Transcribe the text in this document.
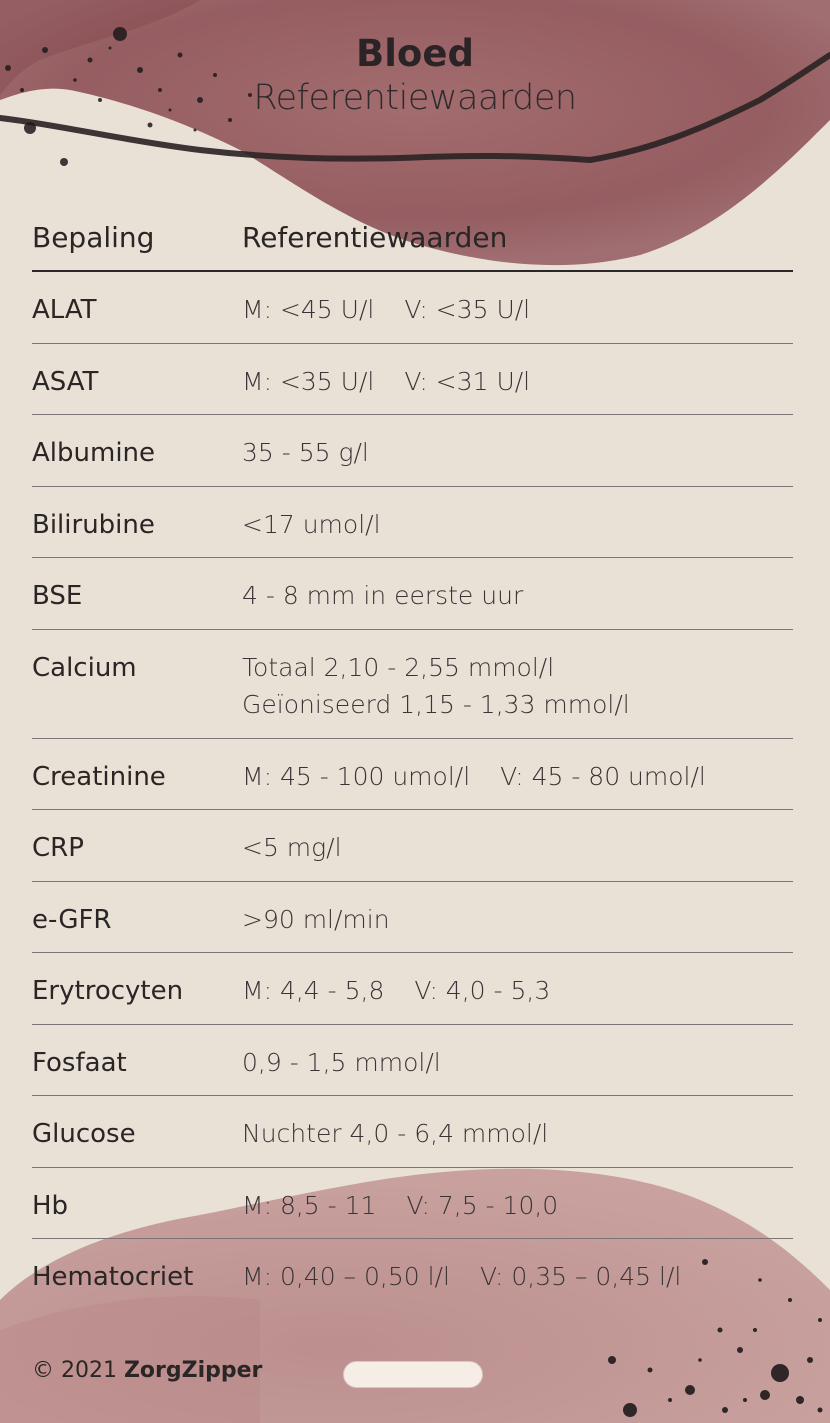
Bloed
Referentiewaarden
Bepaling	Referentiewaarden
ALAT	M: <45 U/l V: <35 U/l
ASAT	M: <35 U/l V: <31 U/l
Albumine	35 - 55 g/l
Bilirubine	<17 umol/l
BSE	4 - 8 mm in eerste uur
Calcium	Totaal 2,10 - 2,55 mmol/l
Geïoniseerd 1,15 - 1,33 mmol/l
Creatinine	M: 45 - 100 umol/l V: 45 - 80 umol/l
CRP	<5 mg/l
e-GFR	>90 ml/min
Erytrocyten	M: 4,4 - 5,8 V: 4,0 - 5,3
Fosfaat	0,9 - 1,5 mmol/l
Glucose	Nuchter 4,0 - 6,4 mmol/l
Hb	M: 8,5 - 11 V: 7,5 - 10,0
Hematocriet	M: 0,40 – 0,50 l/l V: 0,35 – 0,45 l/l
© 2021 ZorgZipper
